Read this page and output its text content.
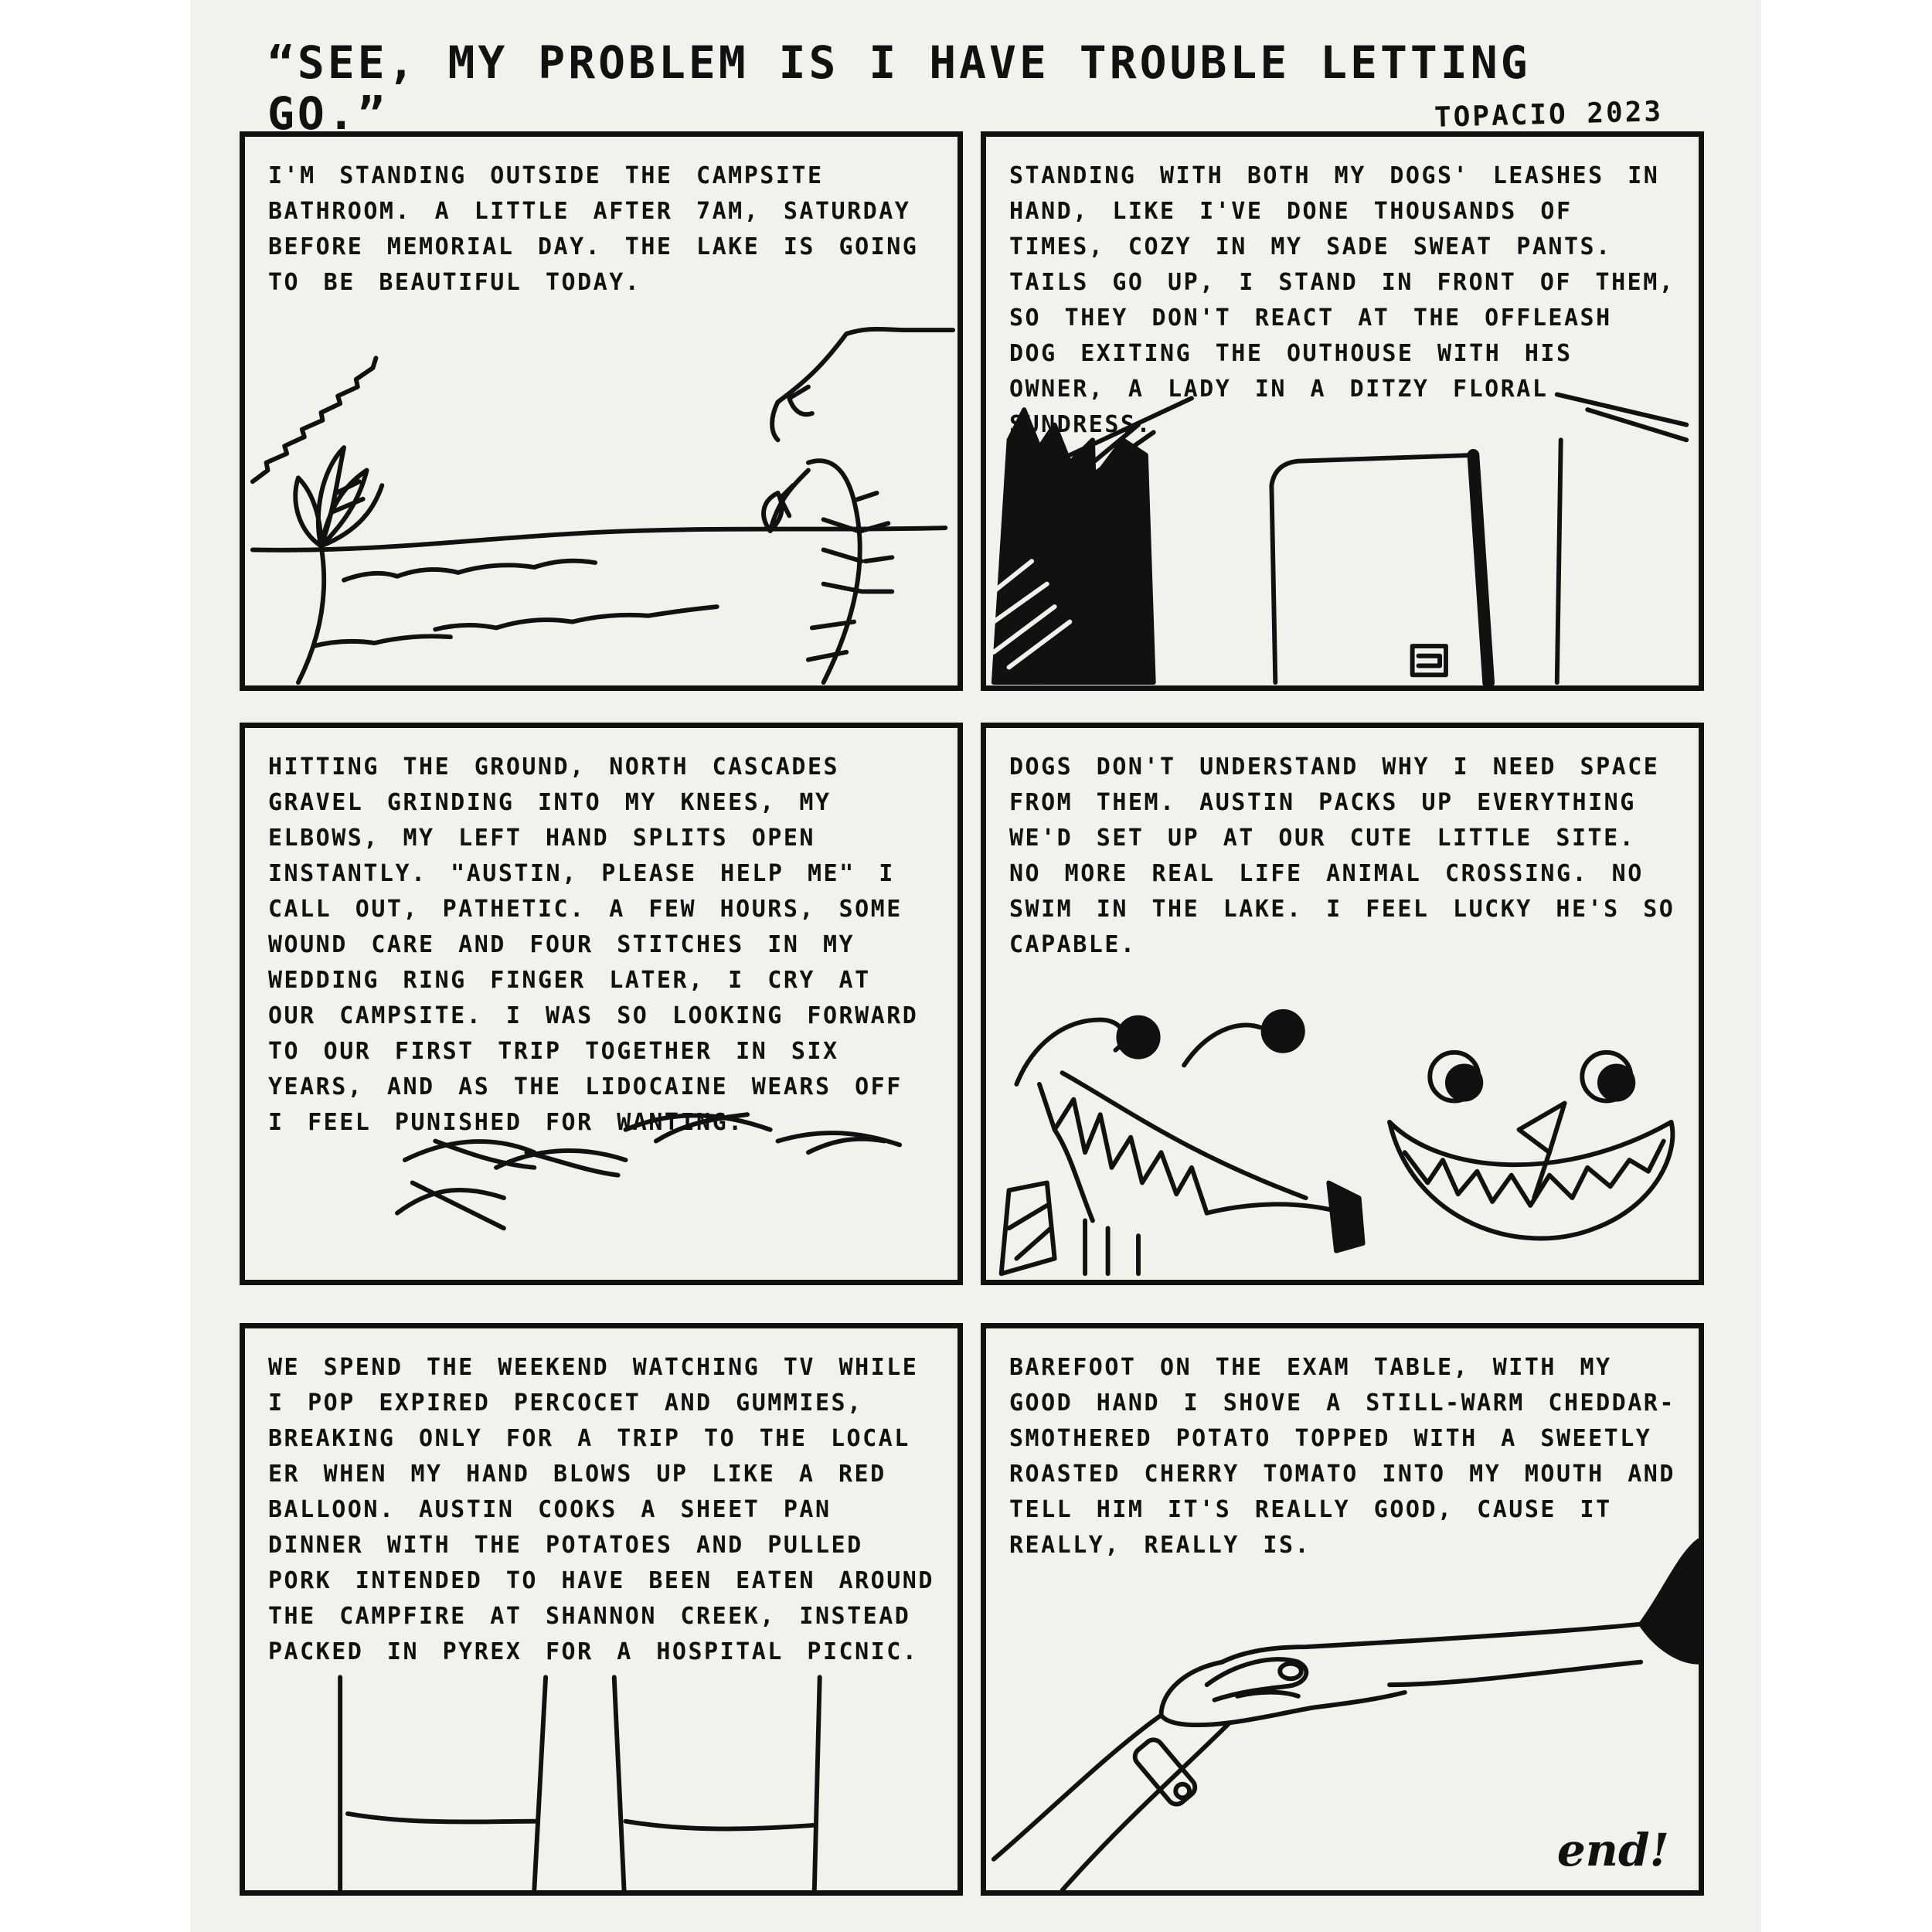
“SEE, MY PROBLEM IS I HAVE TROUBLE LETTING GO.”	TOPACIO 2023

I'M STANDING OUTSIDE THE CAMPSITE BATHROOM. A LITTLE AFTER 7AM, SATURDAY BEFORE MEMORIAL DAY. THE LAKE IS GOING TO BE BEAUTIFUL TODAY.

STANDING WITH BOTH MY DOGS' LEASHES IN HAND, LIKE I'VE DONE THOUSANDS OF TIMES, COZY IN MY SADE SWEAT PANTS. TAILS GO UP, I STAND IN FRONT OF THEM, SO THEY DON'T REACT AT THE OFFLEASH DOG EXITING THE OUTHOUSE WITH HIS OWNER, A LADY IN A DITZY FLORAL SUNDRESS.

HITTING THE GROUND, NORTH CASCADES GRAVEL GRINDING INTO MY KNEES, MY ELBOWS, MY LEFT HAND SPLITS OPEN INSTANTLY. "AUSTIN, PLEASE HELP ME" I CALL OUT, PATHETIC. A FEW HOURS, SOME WOUND CARE AND FOUR STITCHES IN MY WEDDING RING FINGER LATER, I CRY AT OUR CAMPSITE. I WAS SO LOOKING FORWARD TO OUR FIRST TRIP TOGETHER IN SIX YEARS, AND AS THE LIDOCAINE WEARS OFF I FEEL PUNISHED FOR WANTING.

DOGS DON'T UNDERSTAND WHY I NEED SPACE FROM THEM. AUSTIN PACKS UP EVERYTHING WE'D SET UP AT OUR CUTE LITTLE SITE. NO MORE REAL LIFE ANIMAL CROSSING. NO SWIM IN THE LAKE. I FEEL LUCKY HE'S SO CAPABLE.

WE SPEND THE WEEKEND WATCHING TV WHILE I POP EXPIRED PERCOCET AND GUMMIES, BREAKING ONLY FOR A TRIP TO THE LOCAL ER WHEN MY HAND BLOWS UP LIKE A RED BALLOON. AUSTIN COOKS A SHEET PAN DINNER WITH THE POTATOES AND PULLED PORK INTENDED TO HAVE BEEN EATEN AROUND THE CAMPFIRE AT SHANNON CREEK, INSTEAD PACKED IN PYREX FOR A HOSPITAL PICNIC.

BAREFOOT ON THE EXAM TABLE, WITH MY GOOD HAND I SHOVE A STILL-WARM CHEDDAR-SMOTHERED POTATO TOPPED WITH A SWEETLY ROASTED CHERRY TOMATO INTO MY MOUTH AND TELL HIM IT'S REALLY GOOD, CAUSE IT REALLY, REALLY IS.

end!
